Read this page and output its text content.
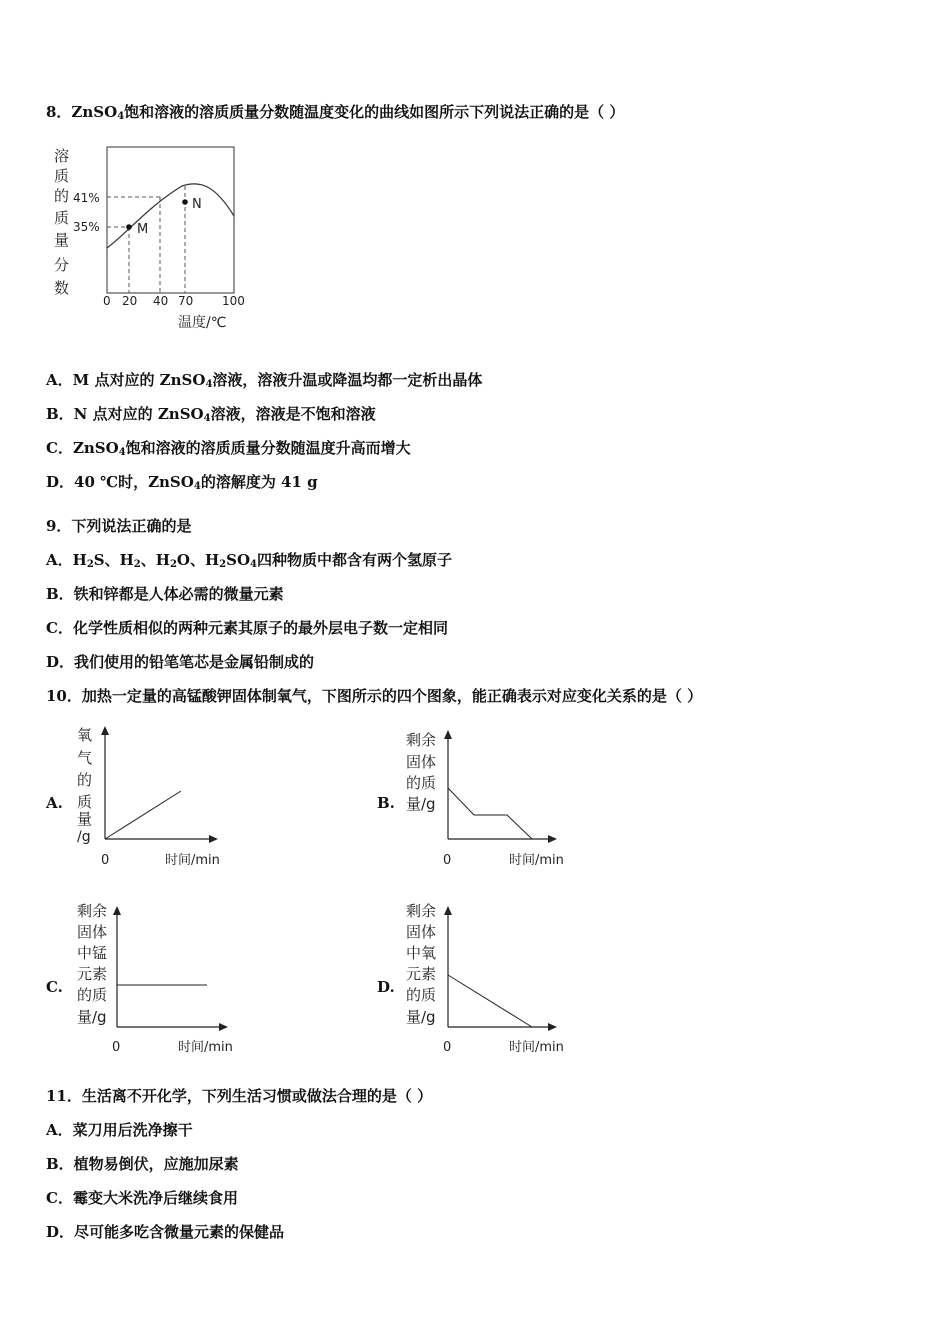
8．ZnSO$_4$饱和溶液的溶质质量分数随温度变化的曲线如图所示下列说法正确的是（ ）
M
N
41%
35%
0 20 40 70 100
温度/℃
溶
质
的
质
量
分
数
氧
气
的
质
量
/g
0	时间/min
剩余
固体
的质
量/g
0	时间/min
剩余
固体
中锰
元素
的质
量/g
0	时间/min
剩余
固体
中氧
元素
的质
量/g
0	时间/min
A．M 点对应的 ZnSO$_4$溶液，溶液升温或降温均都一定析出晶体
B．N 点对应的 ZnSO$_4$溶液，溶液是不饱和溶液
C．ZnSO$_4$饱和溶液的溶质质量分数随温度升高而增大
D．40 ℃时，ZnSO$_4$的溶解度为 41 g
9．下列说法正确的是
A．$H_2S$、$H_2$、$H_2O$、$H_2SO_4$四种物质中都含有两个氢原子
B．铁和锌都是人体必需的微量元素
C．化学性质相似的两种元素其原子的最外层电子数一定相同
D．我们使用的铅笔笔芯是金属铅制成的
10．加热一定量的高锰酸钾固体制氧气，下图所示的四个图象，能正确表示对应变化关系的是（ ）
A.	B.
C.	D.
11．生活离不开化学，下列生活习惯或做法合理的是（ ）
A．菜刀用后洗净擦干
B．植物易倒伏，应施加尿素
C．霉变大米洗净后继续食用
D．尽可能多吃含微量元素的保健品
